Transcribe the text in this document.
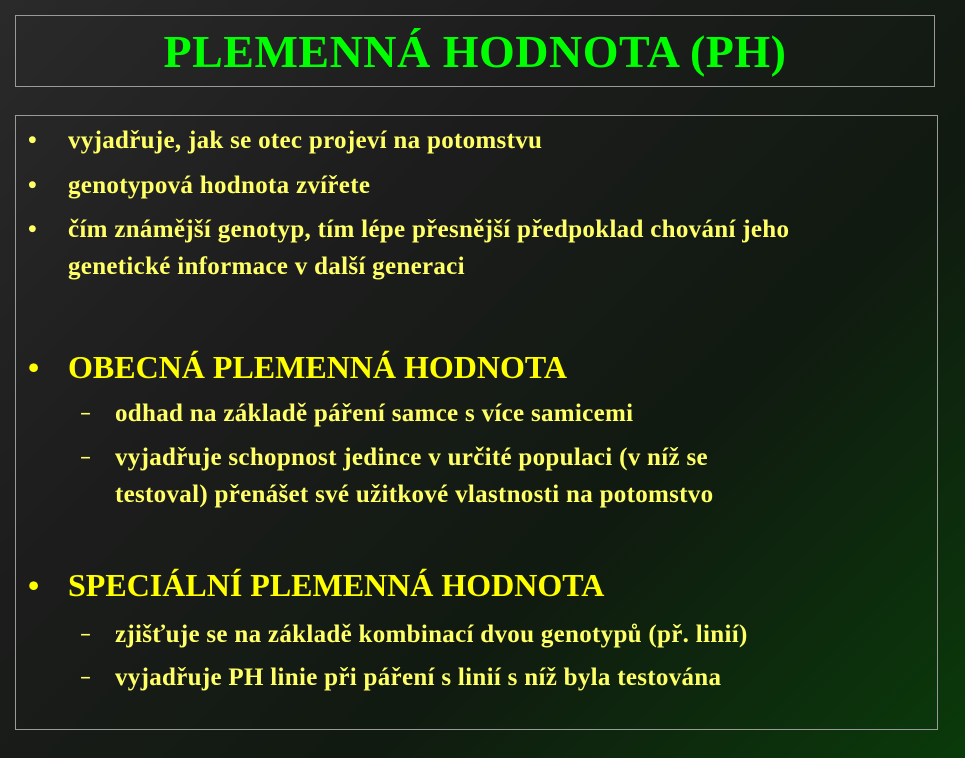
PLEMENNÁ HODNOTA (PH)
• vyjadřuje, jak se otec projeví na potomstvu
• genotypová hodnota zvířete
• čím známější genotyp, tím lépe přesnější předpoklad chování jeho
genetické informace v další generaci
• OBECNÁ PLEMENNÁ HODNOTA
– odhad na základě páření samce s více samicemi
– vyjadřuje schopnost jedince v určité populaci (v níž se
testoval) přenášet své užitkové vlastnosti na potomstvo
• SPECIÁLNÍ PLEMENNÁ HODNOTA
– zjišťuje se na základě kombinací dvou genotypů (př. linií)
– vyjadřuje PH linie při páření s linií s níž byla testována
